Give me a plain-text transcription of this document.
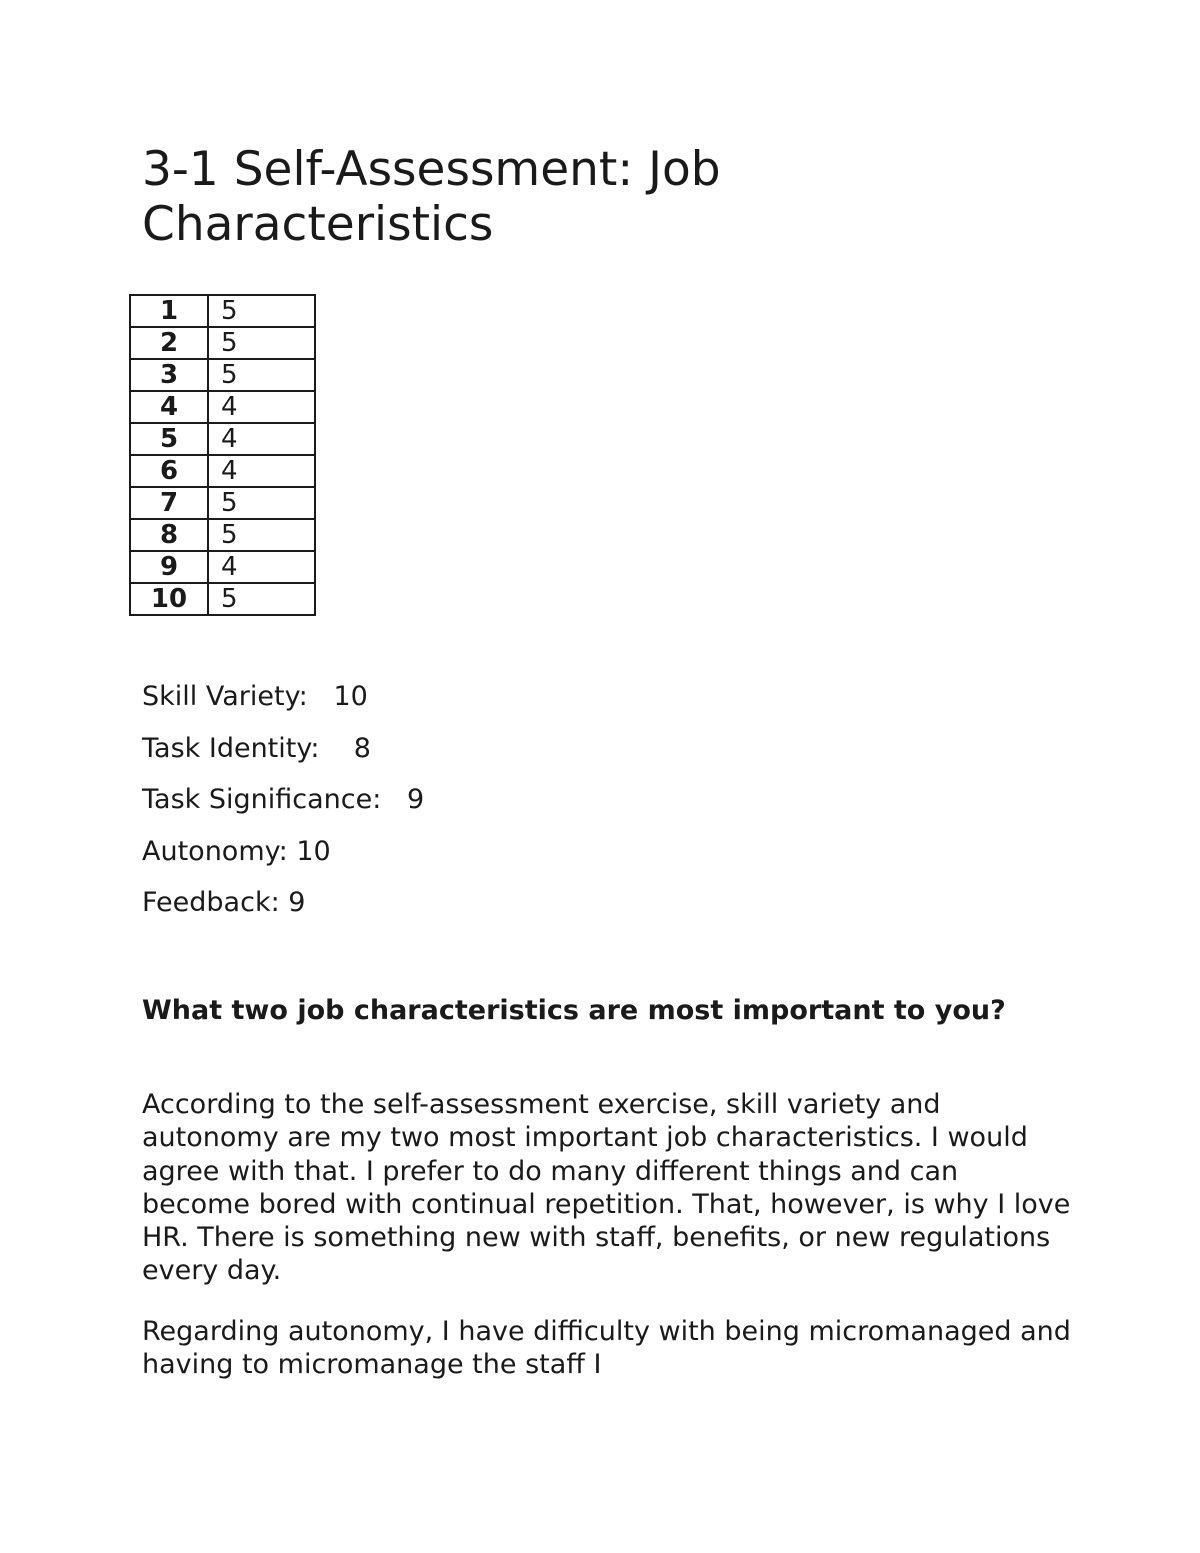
3-1 Self-Assessment: Job Characteristics
1	5
2	5
3	5
4	4
5	4
6	4
7	5
8	5
9	4
10	5
Skill Variety:   10
Task Identity:    8
Task Significance:   9
Autonomy: 10
Feedback: 9
What two job characteristics are most important to you?

According to the self-assessment exercise, skill variety and autonomy are my two most important job characteristics. I would agree with that. I prefer to do many different things and can become bored with continual repetition. That, however, is why I love HR. There is something new with staff, benefits, or new regulations every day.

Regarding autonomy, I have difficulty with being micromanaged and having to micromanage the staff I
